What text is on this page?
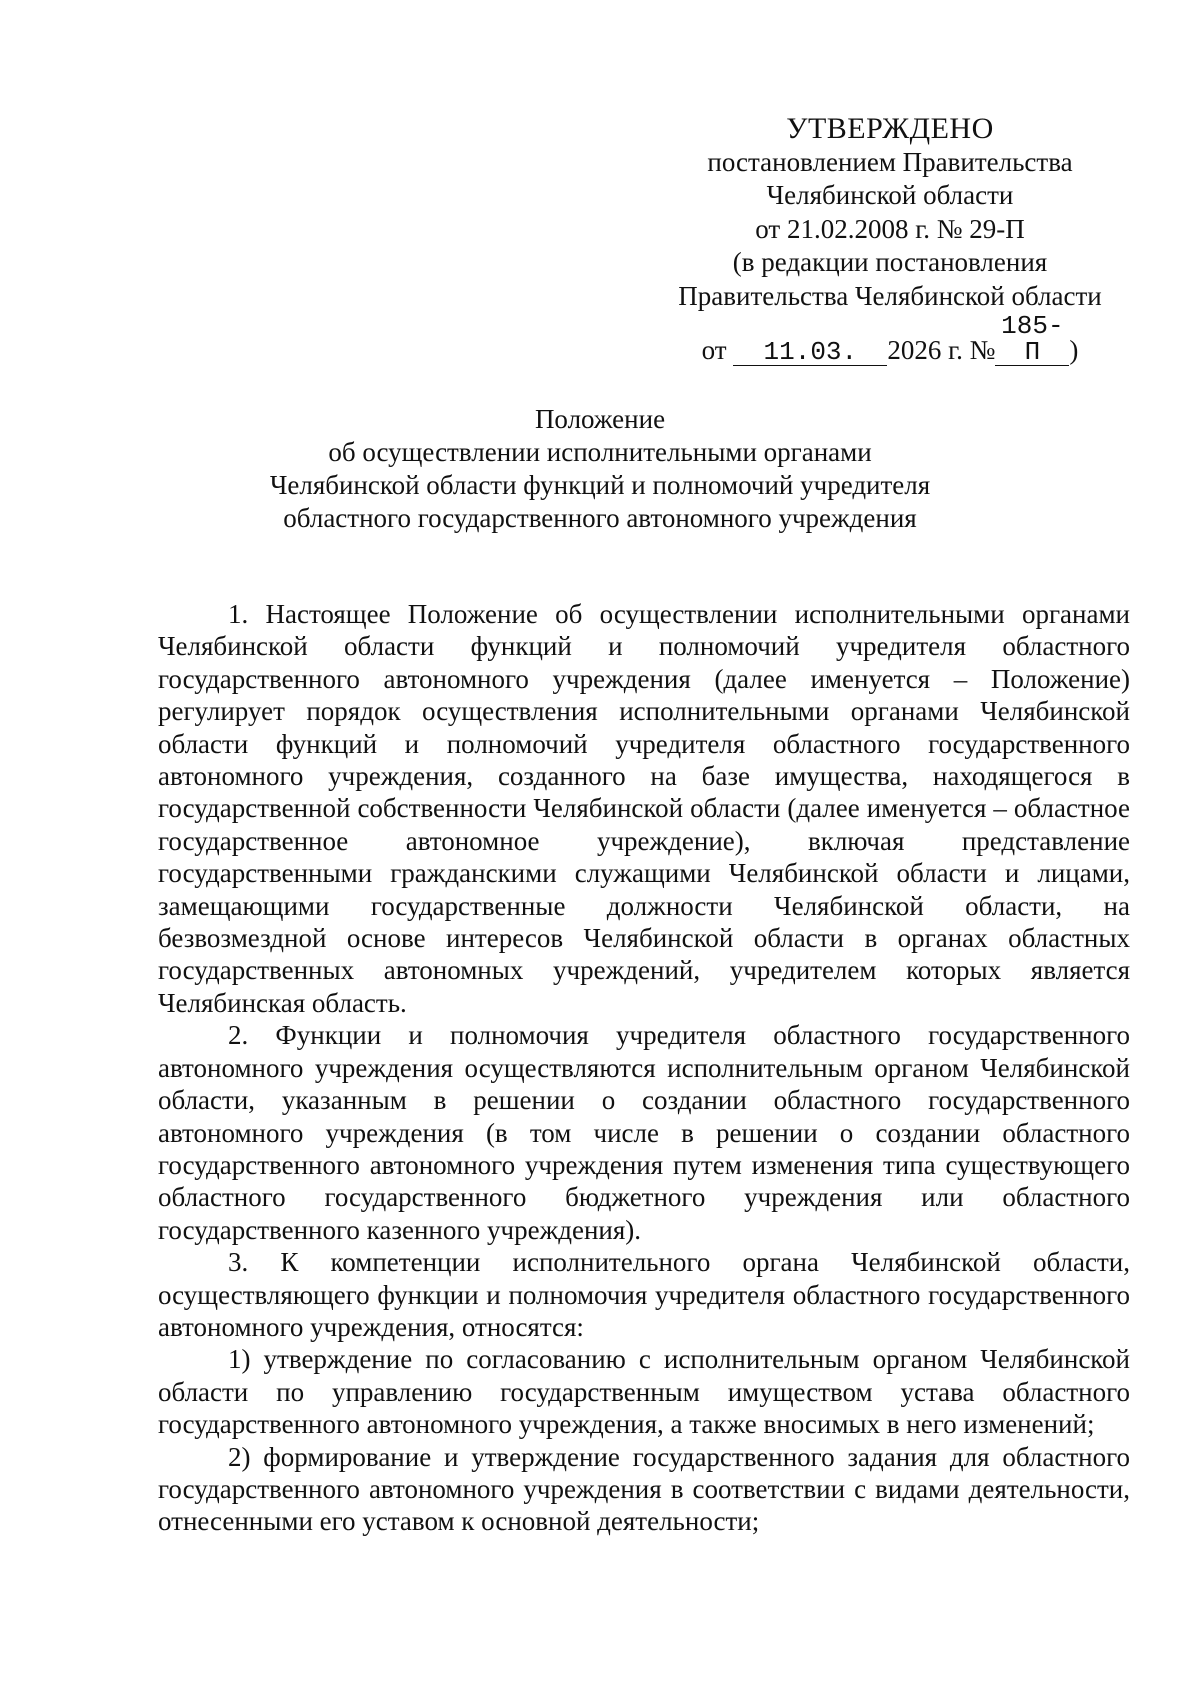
УТВЕРЖДЕНО
постановлением Правительства
Челябинской области
от 21.02.2008 г. № 29-П
(в редакции постановления
Правительства Челябинской области
от 11.03. 2026 г. №185-П )
Положение
об осуществлении исполнительными органами
Челябинской области функций и полномочий учредителя
областного государственного автономного учреждения

1. Настоящее Положение об осуществлении исполнительными органами Челябинской области функций и полномочий учредителя областного государственного автономного учреждения (далее именуется – Положение) регулирует порядок осуществления исполнительными органами Челябинской области функций и полномочий учредителя областного государственного автономного учреждения, созданного на базе имущества, находящегося в государственной собственности Челябинской области (далее именуется – областное государственное автономное учреждение), включая представление государственными гражданскими служащими Челябинской области и лицами, замещающими государственные должности Челябинской области, на безвозмездной основе интересов Челябинской области в органах областных государственных автономных учреждений, учредителем которых является Челябинская область.

2. Функции и полномочия учредителя областного государственного автономного учреждения осуществляются исполнительным органом Челябинской области, указанным в решении о создании областного государственного автономного учреждения (в том числе в решении о создании областного государственного автономного учреждения путем изменения типа существующего областного государственного бюджетного учреждения или областного государственного казенного учреждения).

3. К компетенции исполнительного органа Челябинской области, осуществляющего функции и полномочия учредителя областного государственного автономного учреждения, относятся:

1) утверждение по согласованию с исполнительным органом Челябинской области по управлению государственным имуществом устава областного государственного автономного учреждения, а также вносимых в него изменений;

2) формирование и утверждение государственного задания для областного государственного автономного учреждения в соответствии с видами деятельности, отнесенными его уставом к основной деятельности;
